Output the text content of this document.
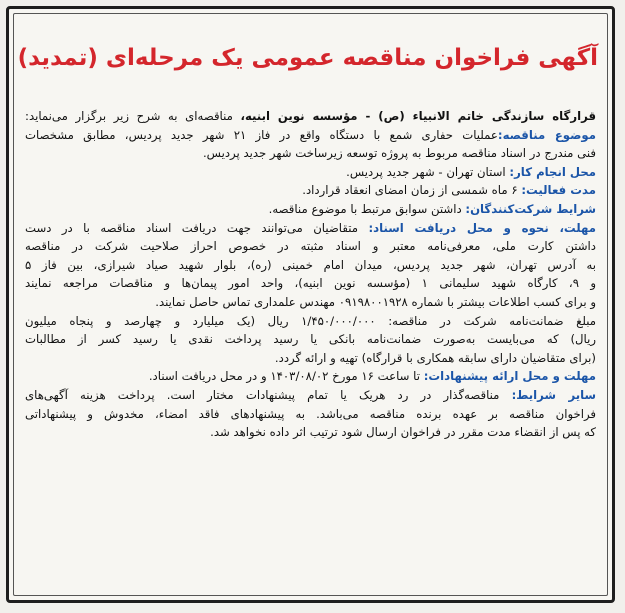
آگهی فراخوان مناقصه عمومی یک مرحله‌ای (تمدید)
قرارگاه سازندگی خاتم الانبیاء (ص) - مؤسسه نوین ابنیه، مناقصه‌ای به شرح زیر برگزار می‌نماید:
موضوع مناقصه:عملیات حفاری شمع با دستگاه واقع در فاز ۲۱ شهر جدید پردیس، مطابق مشخصات
فنی مندرج در اسناد مناقصه مربوط به پروژه توسعه زیرساخت شهر جدید پردیس.
محل انجام کار: استان تهران - شهر جدید پردیس.
مدت فعالیت: ۶ ماه شمسی از زمان امضای انعقاد قرارداد.
شرایط شرکت‌کنندگان: داشتن سوابق مرتبط با موضوع مناقصه.
مهلت، نحوه و محل دریافت اسناد: متقاضیان می‌توانند جهت دریافت اسناد مناقصه با در دست
داشتن کارت ملی، معرفی‌نامه معتبر و اسناد مثبته در خصوص احراز صلاحیت شرکت در مناقصه
به آدرس تهران، شهر جدید پردیس، میدان امام خمینی (ره)، بلوار شهید صیاد شیرازی، بین فاز ۵
و ۹، کارگاه شهید سلیمانی ۱ (مؤسسه نوین ابنیه)، واحد امور پیمان‌ها و مناقصات مراجعه نمایند
و برای کسب اطلاعات بیشتر با شماره ۰۹۱۹۸۰۰۱۹۲۸ مهندس علمداری تماس حاصل نمایند.
مبلغ ضمانت‌نامه شرکت در مناقصه: ۱/۴۵۰/۰۰۰/۰۰۰ ریال (یک میلیارد و چهارصد و پنجاه میلیون
ریال) که می‌بایست به‌صورت ضمانت‌نامه بانکی یا رسید پرداخت نقدی یا رسید کسر از مطالبات
(برای متقاضیان دارای سابقه همکاری با قرارگاه) تهیه و ارائه گردد.
مهلت و محل ارائه پیشنهادات: تا ساعت ۱۶ مورخ ۱۴۰۳/۰۸/۰۲ و در محل دریافت اسناد.
سایر شرایط: مناقصه‌گذار در رد هریک یا تمام پیشنهادات مختار است. پرداخت هزینه آگهی‌های
فراخوان مناقصه بر عهده برنده مناقصه می‌باشد. به پیشنهادهای فاقد امضاء، مخدوش و پیشنهاداتی
که پس از انقضاء مدت مقرر در فراخوان ارسال شود ترتیب اثر داده نخواهد شد.
